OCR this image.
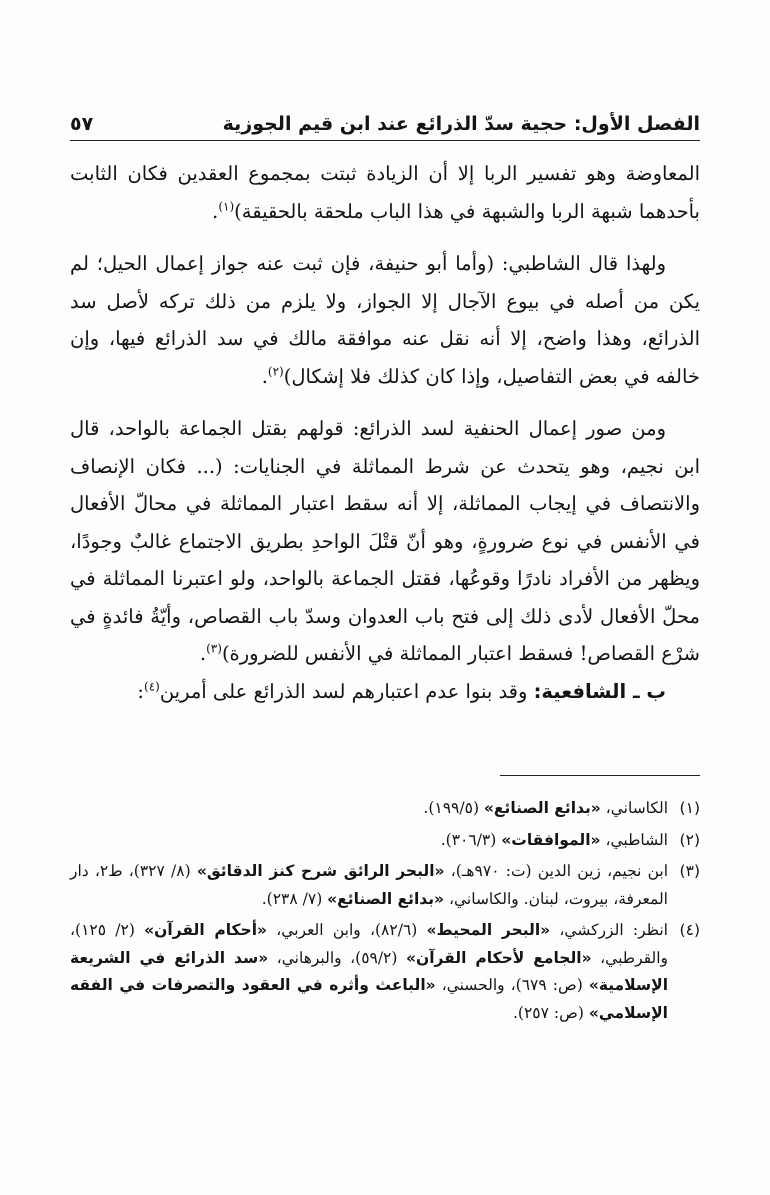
الفصل الأول: حجية سدّ الذرائع عند ابن قيم الجوزية
٥٧

المعاوضة وهو تفسير الربا إلا أن الزيادة ثبتت بمجموع العقدين فكان الثابت بأحدهما شبهة الربا والشبهة في هذا الباب ملحقة بالحقيقة)$^{(١)}$.

ولهذا قال الشاطبي: (وأما أبو حنيفة، فإن ثبت عنه جواز إعمال الحيل؛ لم يكن من أصله في بيوع الآجال إلا الجواز، ولا يلزم من ذلك تركه لأصل سد الذرائع، وهذا واضح، إلا أنه نقل عنه موافقة مالك في سد الذرائع فيها، وإن خالفه في بعض التفاصيل، وإذا كان كذلك فلا إشكال)$^{(٢)}$.

ومن صور إعمال الحنفية لسد الذرائع: قولهم بقتل الجماعة بالواحد، قال ابن نجيم، وهو يتحدث عن شرط المماثلة في الجنايات: (... فكان الإنصاف والانتصاف في إيجاب المماثلة، إلا أنه سقط اعتبار المماثلة في محالّ الأفعال في الأنفس في نوع ضرورةٍ، وهو أنّ قتْلَ الواحدِ بطريق الاجتماع غالبٌ وجودًا، ويظهر من الأفراد نادرًا وقوعُها، فقتل الجماعة بالواحد، ولو اعتبرنا المماثلة في محلّ الأفعال لأدى ذلك إلى فتح باب العدوان وسدّ باب القصاص، وأيّةُ فائدةٍ في شرْع القصاص! فسقط اعتبار المماثلة في الأنفس للضرورة)$^{(٣)}$.

ب ـ الشافعية: وقد بنوا عدم اعتبارهم لسد الذرائع على أمرين$^{(٤)}$:

(١)
الكاساني، «بدائع الصنائع» (١٩٩/٥).
(٢)
الشاطبي، «الموافقات» (٣٠٦/٣).
(٣)
ابن نجيم، زين الدين (ت: ٩٧٠هـ)، «البحر الرائق شرح كنز الدقائق» (٨/ ٣٢٧)، ط٢، دار المعرفة، بيروت، لبنان. والكاساني، «بدائع الصنائع» (٧/ ٢٣٨).
(٤)
انظر: الزركشي، «البحر المحيط» (٨٢/٦)، وابن العربي، «أحكام القرآن» (٢/ ١٢٥)، والقرطبي، «الجامع لأحكام القرآن» (٥٩/٢)، والبرهاني، «سد الذرائع في الشريعة الإسلامية» (ص: ٦٧٩)، والحسني، «الباعث وأثره في العقود والتصرفات في الفقه الإسلامي» (ص: ٢٥٧).
